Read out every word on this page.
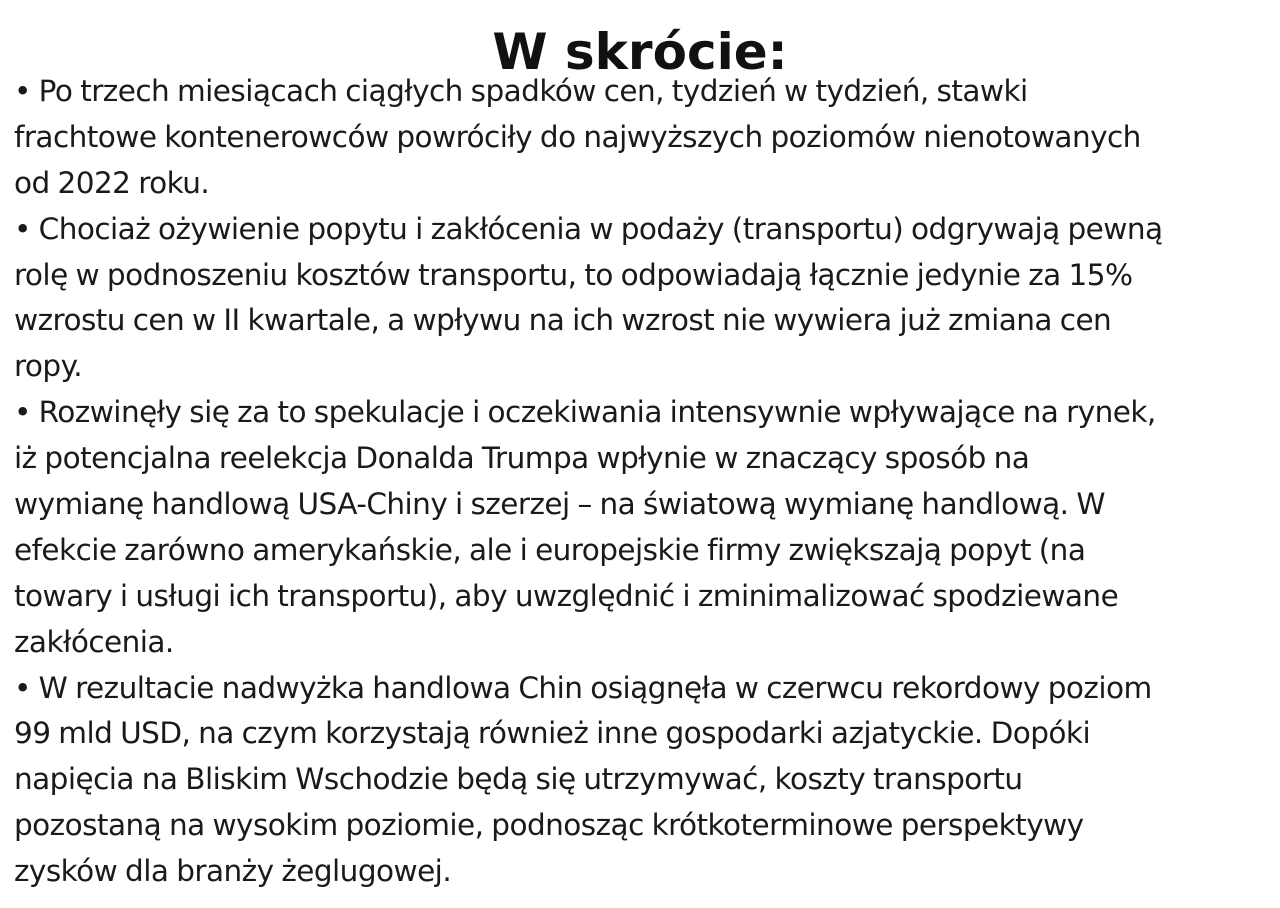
W skrócie:
• Po trzech miesiącach ciągłych spadków cen, tydzień w tydzień, stawki
frachtowe kontenerowców powróciły do najwyższych poziomów nienotowanych
od 2022 roku.
• Chociaż ożywienie popytu i zakłócenia w podaży (transportu) odgrywają pewną
rolę w podnoszeniu kosztów transportu, to odpowiadają łącznie jedynie za 15%
wzrostu cen w II kwartale, a wpływu na ich wzrost nie wywiera już zmiana cen
ropy.
• Rozwinęły się za to spekulacje i oczekiwania intensywnie wpływające na rynek,
iż potencjalna reelekcja Donalda Trumpa wpłynie w znaczący sposób na
wymianę handlową USA-Chiny i szerzej – na światową wymianę handlową. W
efekcie zarówno amerykańskie, ale i europejskie firmy zwiększają popyt (na
towary i usługi ich transportu), aby uwzględnić i zminimalizować spodziewane
zakłócenia.
• W rezultacie nadwyżka handlowa Chin osiągnęła w czerwcu rekordowy poziom
99 mld USD, na czym korzystają również inne gospodarki azjatyckie. Dopóki
napięcia na Bliskim Wschodzie będą się utrzymywać, koszty transportu
pozostaną na wysokim poziomie, podnosząc krótkoterminowe perspektywy
zysków dla branży żeglugowej.
